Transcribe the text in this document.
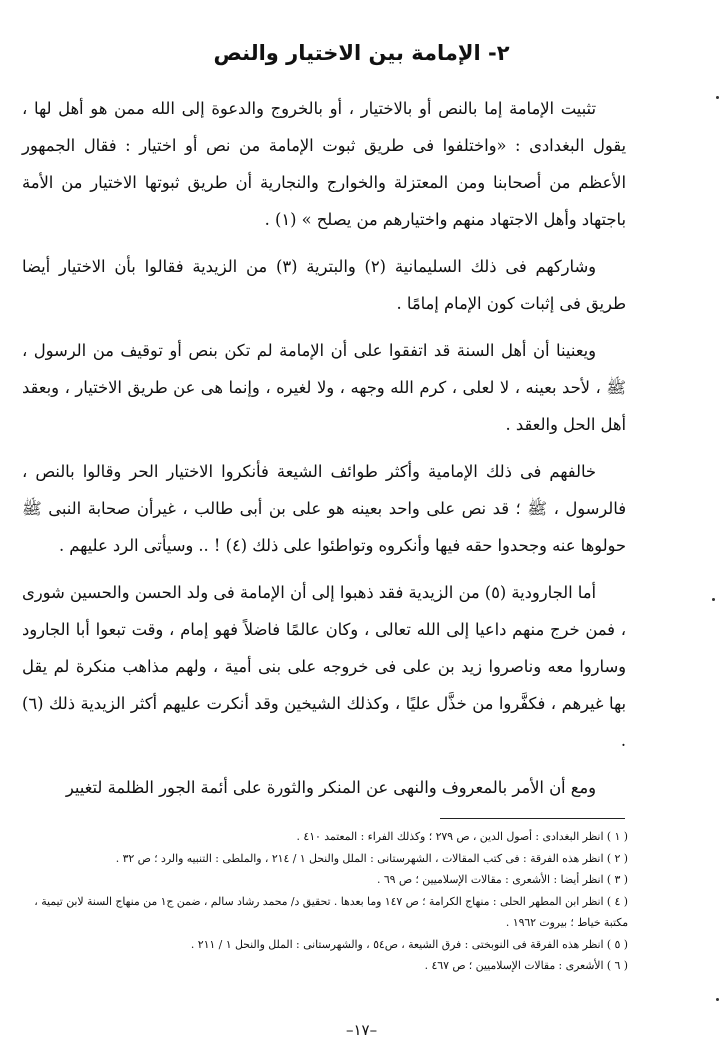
٢- الإمامة بين الاختيار والنص

تثبيت الإمامة إما بالنص أو بالاختيار ، أو بالخروج والدعوة إلى الله ممن هو أهل لها ، يقول البغدادى : «واختلفوا فى طريق ثبوت الإمامة من نص أو اختيار : فقال الجمهور الأعظم من أصحابنا ومن المعتزلة والخوارج والنجارية أن طريق ثبوتها الاختيار من الأمة باجتهاد وأهل الاجتهاد منهم واختيارهم من يصلح » (١) .

وشاركهم فى ذلك السليمانية (٢) والبترية (٣) من الزيدية فقالوا بأن الاختيار أيضا طريق فى إثبات كون الإمام إمامًا .

ويعنينا أن أهل السنة قد اتفقوا على أن الإمامة لم تكن بنص أو توقيف من الرسول ، ﷺ ، لأحد بعينه ، لا لعلى ، كرم الله وجهه ، ولا لغيره ، وإنما هى عن طريق الاختيار ، وبعقد أهل الحل والعقد .

خالفهم فى ذلك الإمامية وأكثر طوائف الشيعة فأنكروا الاختيار الحر وقالوا بالنص ، فالرسول ، ﷺ ؛ قد نص على واحد بعينه هو على بن أبى طالب ، غيرأن صحابة النبى ﷺ حولوها عنه وجحدوا حقه فيها وأنكروه وتواطئوا على ذلك (٤) ! .. وسيأتى الرد عليهم .

أما الجارودية (٥) من الزيدية فقد ذهبوا إلى أن الإمامة فى ولد الحسن والحسين شورى ، فمن خرج منهم داعيا إلى الله تعالى ، وكان عالمًا فاضلاً فهو إمام ، وقت تبعوا أبا الجارود وساروا معه وناصروا زيد بن على فى خروجه على بنى أمية ، ولهم مذاهب منكرة لم يقل بها غيرهم ، فكفَّروا من خذَّل عليًا ، وكذلك الشيخين وقد أنكرت عليهم أكثر الزيدية ذلك (٦) .

ومع أن الأمر بالمعروف والنهى عن المنكر والثورة على أئمة الجور الظلمة لتغيير

( ١ ) انظر البغدادى : أصول الدين ، ص ٢٧٩ ؛ وكذلك الفراء : المعتمد ٤١٠ .

( ٢ ) انظر هذه الفرقة : فى كتب المقالات ، الشهرستانى : الملل والنحل ١ / ٢١٤ ، والملطى : التنبيه والرد ؛ ص ٣٢ .

( ٣ ) انظر أيضا : الأشعرى : مقالات الإسلاميين ؛ ص ٦٩ .

( ٤ ) انظر ابن المطهر الحلى : منهاج الكرامة ؛ ص ١٤٧ وما بعدها . تحقيق د/ محمد رشاد سالم ، ضمن ج١ من منهاج السنة لابن تيمية ، مكتبة خياط ؛ بيروت ١٩٦٢ .

( ٥ ) انظر هذه الفرقة فى النوبختى : فرق الشيعة ، ص٥٤ ، والشهرستانى : الملل والنحل ١ / ٢١١ .

( ٦ ) الأشعرى : مقالات الإسلاميين ؛ ص ٤٦٧ .

–١٧–
